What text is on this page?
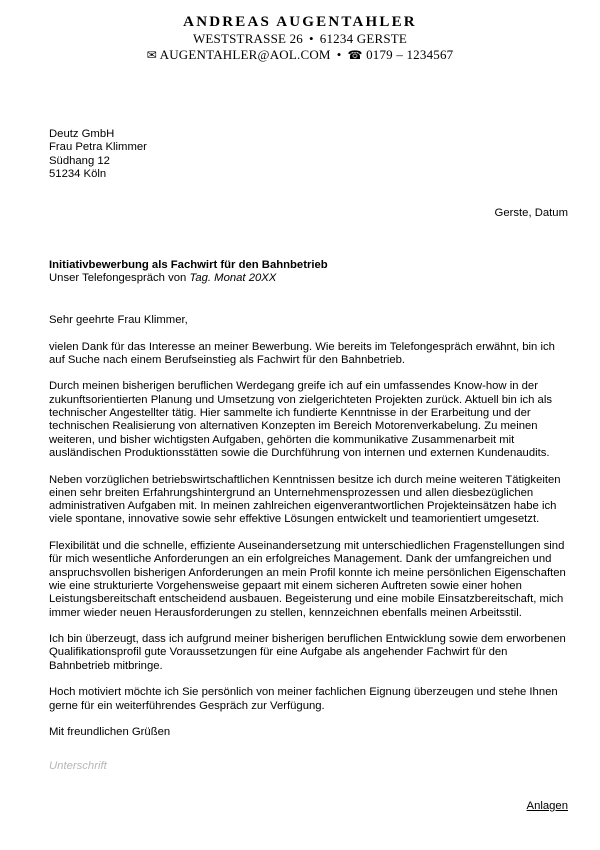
ANDREAS AUGENTAHLER
WESTSTRASSE 26 • 61234 GERSTE
✉ AUGENTAHLER@AOL.COM • ☎ 0179 – 1234567
Deutz GmbH
Frau Petra Klimmer
Südhang 12
51234 Köln
Gerste, Datum
Initiativbewerbung als Fachwirt für den Bahnbetrieb
Unser Telefongespräch von Tag. Monat 20XX

Sehr geehrte Frau Klimmer,

vielen Dank für das Interesse an meiner Bewerbung. Wie bereits im Telefongespräch erwähnt, bin ich auf Suche nach einem Berufseinstieg als Fachwirt für den Bahnbetrieb.

Durch meinen bisherigen beruflichen Werdegang greife ich auf ein umfassendes Know-how in der zukunftsorientierten Planung und Umsetzung von zielgerichteten Projekten zurück. Aktuell bin ich als technischer Angestellter tätig. Hier sammelte ich fundierte Kenntnisse in der Erarbeitung und der technischen Realisierung von alternativen Konzepten im Bereich Motorenverkabelung. Zu meinen weiteren, und bisher wichtigsten Aufgaben, gehörten die kommunikative Zusammenarbeit mit ausländischen Produktionsstätten sowie die Durchführung von internen und externen Kundenaudits.

Neben vorzüglichen betriebswirtschaftlichen Kenntnissen besitze ich durch meine weiteren Tätigkeiten einen sehr breiten Erfahrungshintergrund an Unternehmensprozessen und allen diesbezüglichen administrativen Aufgaben mit. In meinen zahlreichen eigenverantwortlichen Projekteinsätzen habe ich viele spontane, innovative sowie sehr effektive Lösungen entwickelt und teamorientiert umgesetzt.

Flexibilität und die schnelle, effiziente Auseinandersetzung mit unterschiedlichen Fragenstellungen sind für mich wesentliche Anforderungen an ein erfolgreiches Management. Dank der umfangreichen und anspruchsvollen bisherigen Anforderungen an mein Profil konnte ich meine persönlichen Eigenschaften wie eine strukturierte Vorgehensweise gepaart mit einem sicheren Auftreten sowie einer hohen Leistungsbereitschaft entscheidend ausbauen. Begeisterung und eine mobile Einsatzbereitschaft, mich immer wieder neuen Herausforderungen zu stellen, kennzeichnen ebenfalls meinen Arbeitsstil.

Ich bin überzeugt, dass ich aufgrund meiner bisherigen beruflichen Entwicklung sowie dem erworbenen Qualifikationsprofil gute Voraussetzungen für eine Aufgabe als angehender Fachwirt für den Bahnbetrieb mitbringe.

Hoch motiviert möchte ich Sie persönlich von meiner fachlichen Eignung überzeugen und stehe Ihnen gerne für ein weiterführendes Gespräch zur Verfügung.

Mit freundlichen Grüßen

Unterschrift
Anlagen
